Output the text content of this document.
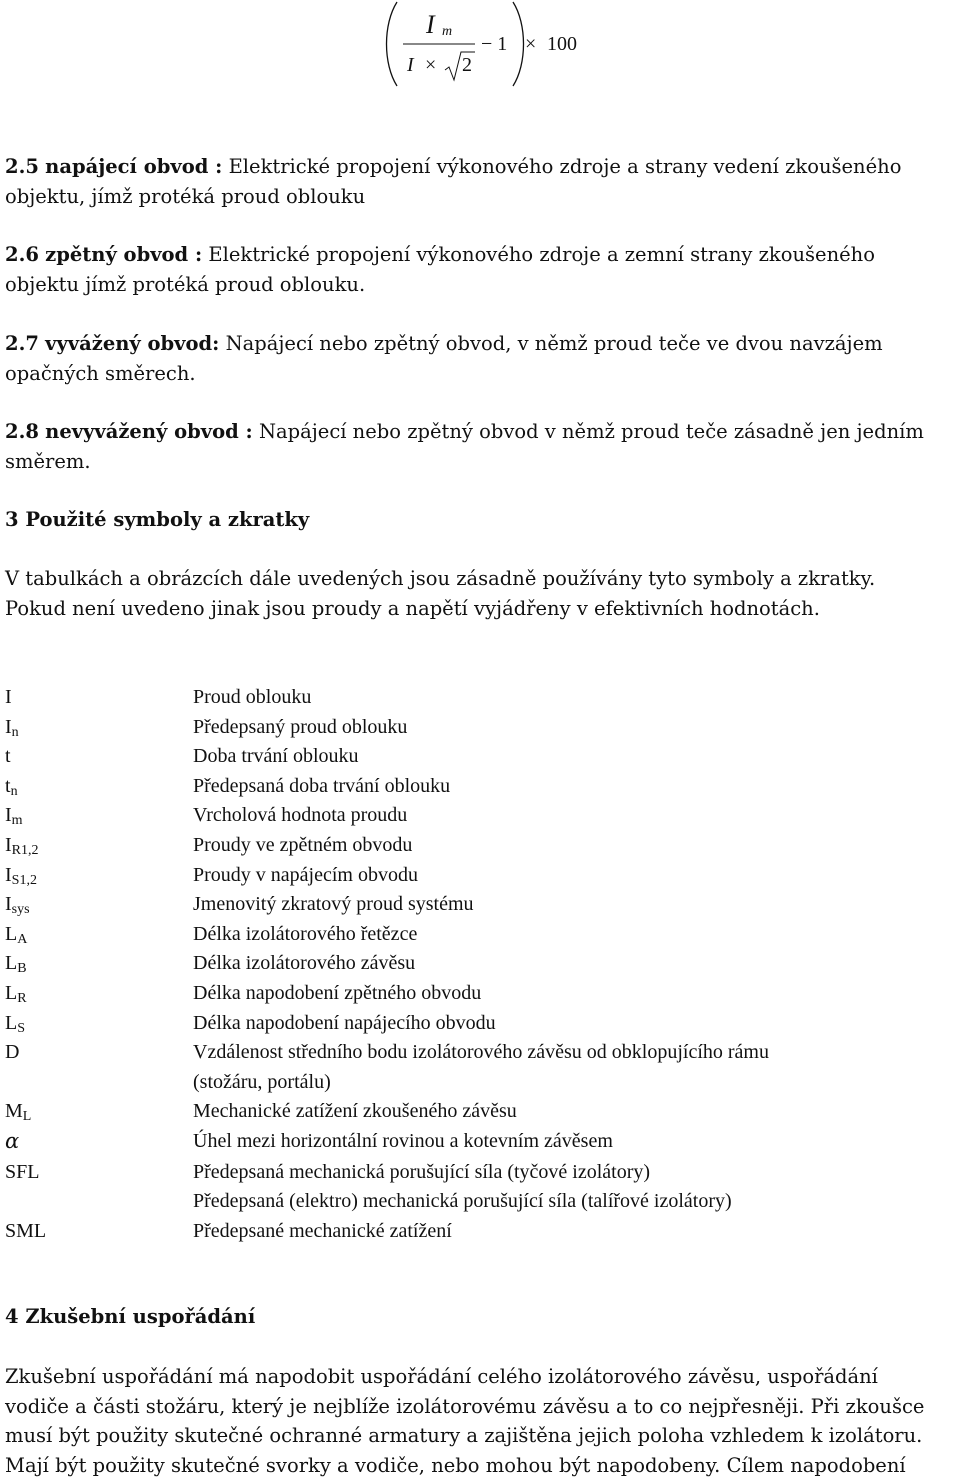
I m
I × 2
− 1 × 100

2.5 napájecí obvod : Elektrické propojení výkonového zdroje a strany vedení zkoušeného
objektu, jímž protéká proud oblouku

2.6 zpětný obvod : Elektrické propojení výkonového zdroje a zemní strany zkoušeného
objektu jímž protéká proud oblouku.

2.7 vyvážený obvod: Napájecí nebo zpětný obvod, v němž proud teče ve dvou navzájem
opačných směrech.

2.8 nevyvážený obvod : Napájecí nebo zpětný obvod v němž proud teče zásadně jen jedním
směrem.

3 Použité symboly a zkratky

V tabulkách a obrázcích dále uvedených jsou zásadně používány tyto symboly a zkratky.
Pokud není uvedeno jinak jsou proudy a napětí vyjádřeny v efektivních hodnotách.

I	Proud oblouku
$I_n$	Předepsaný proud oblouku
t	Doba trvání oblouku
$t_n$	Předepsaná doba trvání oblouku
$I_m$	Vrcholová hodnota proudu
$I_{R1,2}$	Proudy ve zpětném obvodu
$I_{S1,2}$	Proudy v napájecím obvodu
$I_{sys}$	Jmenovitý zkratový proud systému
$L_A$	Délka izolátorového řetězce
$L_B$	Délka izolátorového závěsu
$L_R$	Délka napodobení zpětného obvodu
$L_S$	Délka napodobení napájecího obvodu
D	Vzdálenost středního bodu izolátorového závěsu od obklopujícího rámu
(stožáru, portálu)
$M_L$	Mechanické zatížení zkoušeného závěsu
α	Úhel mezi horizontální rovinou a kotevním závěsem
SFL	Předepsaná mechanická porušující síla (tyčové izolátory)
Předepsaná (elektro) mechanická porušující síla (talířové izolátory)
SML	Předepsané mechanické zatížení

4 Zkušební uspořádání

Zkušební uspořádání má napodobit uspořádání celého izolátorového závěsu, uspořádání
vodiče a části stožáru, který je nejblíže izolátorovému závěsu a to co nejpřesněji. Při zkoušce
musí být použity skutečné ochranné armatury a zajištěna jejich poloha vzhledem k izolátoru.
Mají být použity skutečné svorky a vodiče, nebo mohou být napodobeny. Cílem napodobení
